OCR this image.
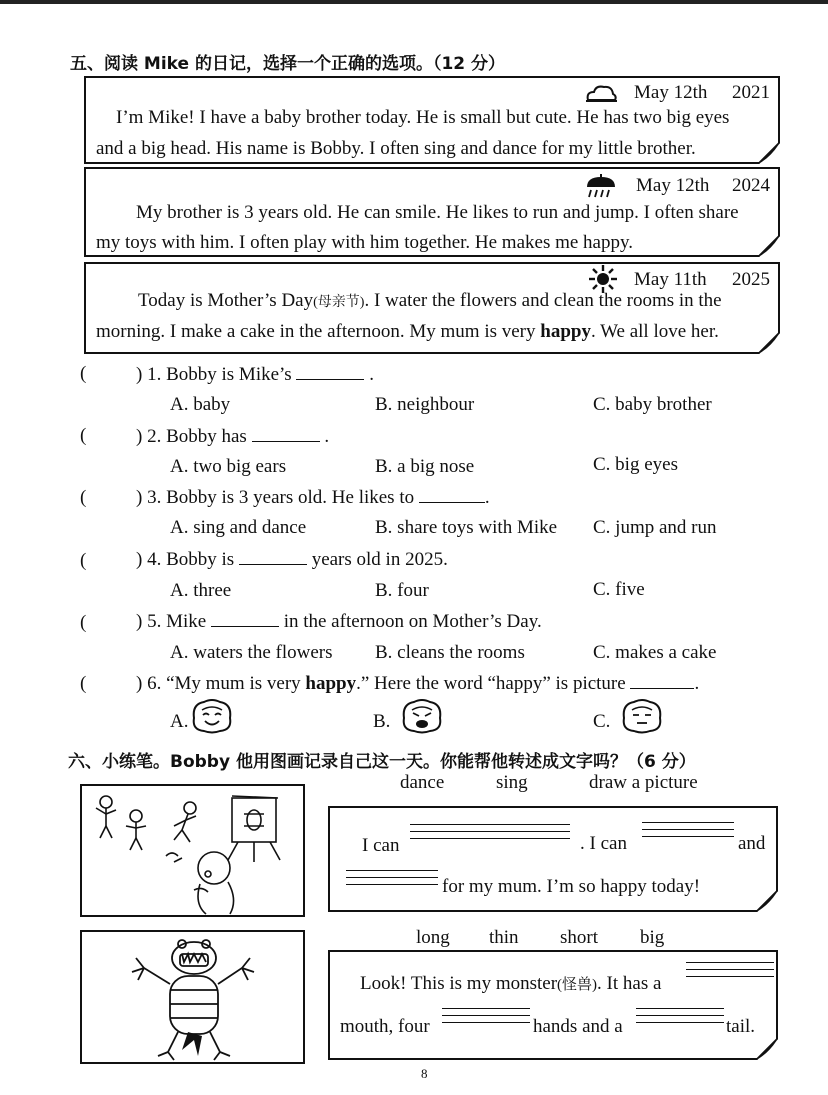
五、阅读 Mike 的日记，选择一个正确的选项。（12 分）
May 12th 2021
I’m Mike! I have a baby brother today. He is small but cute. He has two big eyes
and a big head. His name is Bobby. I often sing and dance for my little brother.
May 12th 2024
My brother is 3 years old. He can smile. He likes to run and jump. I often share
my toys with him. I often play with him together. He makes me happy.
May 11th 2025
Today is Mother’s Day(母亲节). I water the flowers and clean the rooms in the
morning. I make a cake in the afternoon. My mum is very happy. We all love her.
(	) 1. Bobby is Mike’s	.
A. baby	B. neighbour	C. baby brother
(	) 2. Bobby has	.
A. two big ears	B. a big nose	C. big eyes
(	) 3. Bobby is 3 years old. He likes to	.
A. sing and dance	B. share toys with Mike C. jump and run
(	) 4. Bobby is	years old in 2025.
A. three	B. four	C. five
(	) 5. Mike	in the afternoon on Mother’s Day.
A. waters the flowers B. cleans the rooms	C. makes a cake
(	) 6. “My mum is very happy.” Here the word “happy” is picture	.
A.	B.	C.
六、小练笔。Bobby 他用图画记录自己这一天。你能帮他转述成文字吗？（6 分）
dance	sing	draw a picture
I can	. I can	and
for my mum. I’m so happy today!
long thin short big
Look! This is my monster(怪兽). It has a
mouth, four	hands and a	tail.
8
